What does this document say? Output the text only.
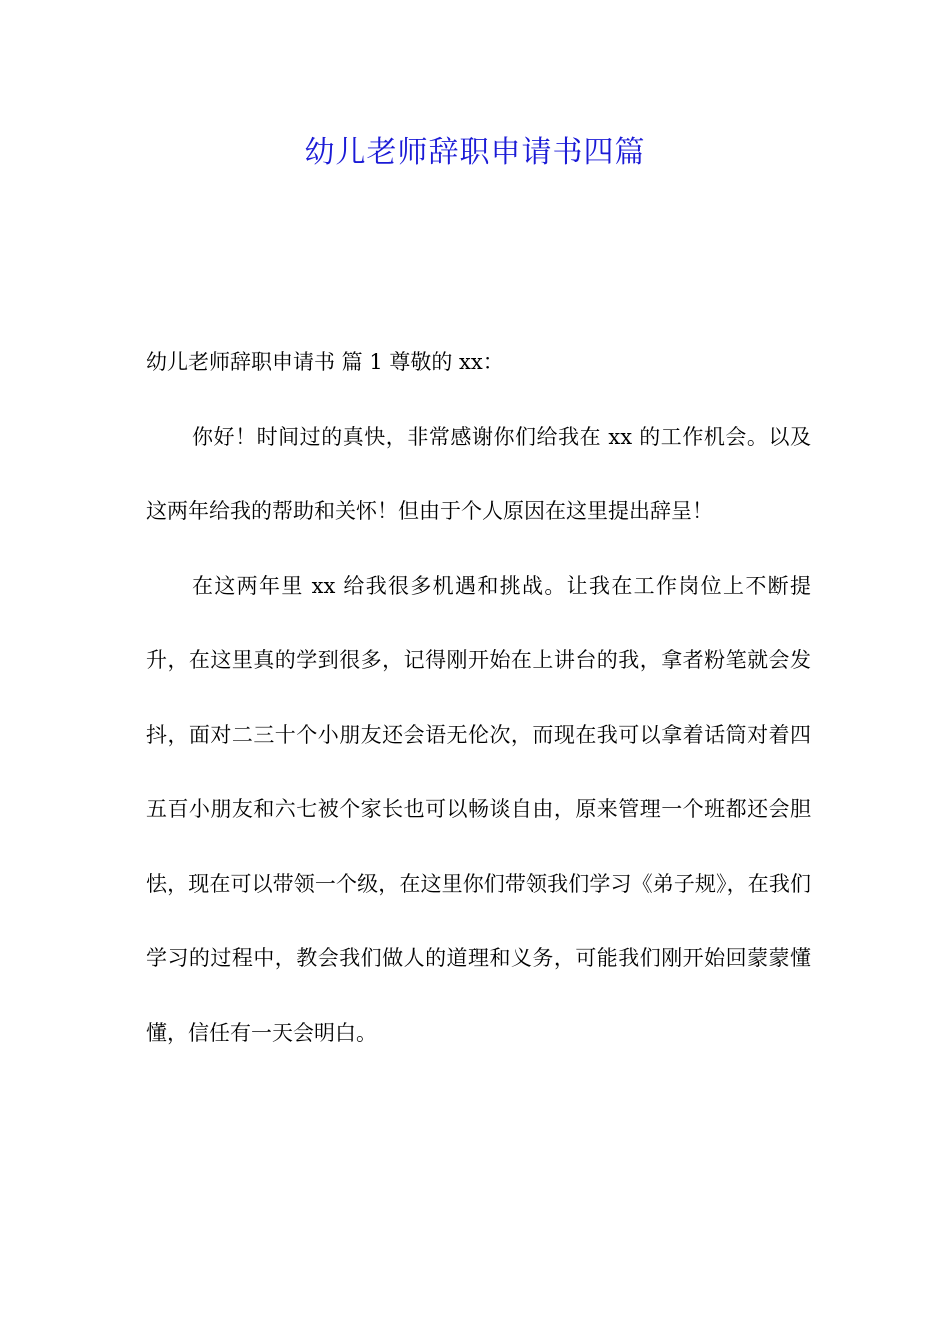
幼儿老师辞职申请书四篇

幼儿老师辞职申请书 篇 1 尊敬的 xx：

你好！时间过的真快，非常感谢你们给我在 xx 的工作机会。以及这两年给我的帮助和关怀！但由于个人原因在这里提出辞呈！

在这两年里 xx 给我很多机遇和挑战。让我在工作岗位上不断提升，在这里真的学到很多，记得刚开始在上讲台的我，拿者粉笔就会发抖，面对二三十个小朋友还会语无伦次，而现在我可以拿着话筒对着四五百小朋友和六七被个家长也可以畅谈自由，原来管理一个班都还会胆怯，现在可以带领一个级，在这里你们带领我们学习《弟子规》，在我们学习的过程中，教会我们做人的道理和义务，可能我们刚开始回蒙蒙懂懂，信任有一天会明白。
